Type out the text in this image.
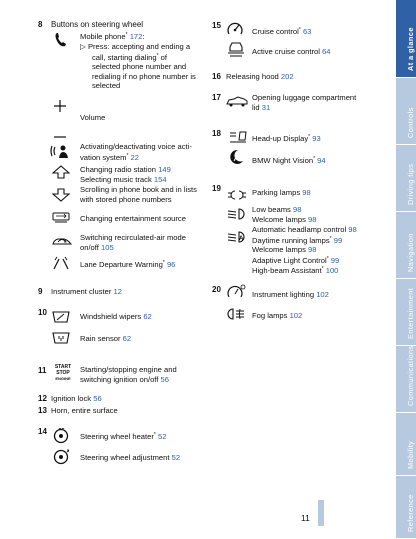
8 Buttons on steering wheel
Mobile phone* 172:
▷ Press: accepting and ending a
call, starting dialing* of
selected phone number and
redialing if no phone number is
selected
Volume
Activating/deactivating voice acti-
vation system* 22
Changing radio station 149
Selecting music track 154
Scrolling in phone book and in lists
with stored phone numbers
Changing entertainment source
Switching recirculated-air mode
on/off 105
Lane Departure Warning* 96
9 Instrument cluster 12
10	Windshield wipers 62
Rain sensor 62
11	START
STOP
ENGINE
Starting/stopping engine and
switching ignition on/off 56
12 Ignition lock 56
13 Horn, entire surface
14
Steering wheel heater* 52
Steering wheel adjustment 52
15
Cruise control* 63
Active cruise control 64
16 Releasing hood 202
17	Opening luggage compartment
lid 31
18
Head-up Display* 93
BMW Night Vision* 94
19	Parking lamps 98
Low beams 98
Welcome lamps 98
A
Automatic headlamp control 98
Daytime running lamps* 99
Welcome lamps 98
Adaptive Light Control* 99
High-beam Assistant* 100
20
Instrument lighting 102
Fog lamps 102
11
At a glance
Controls
Driving tips
Navigation
Entertainment
Communications
Mobility
Reference
